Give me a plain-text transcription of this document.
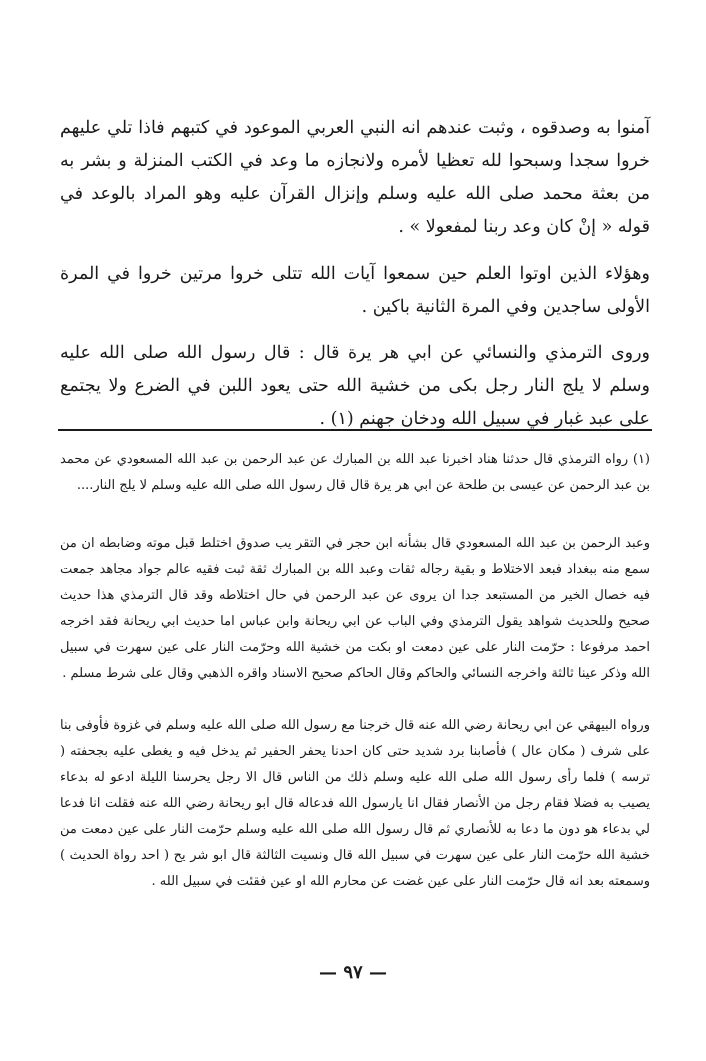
آمنوا به وصدقوه ، وثبت عندهم انه النبي العربي الموعود في كتبهم فاذا تلي عليهم خروا سجدا وسبحوا لله تعظيا لأمره ولانجازه ما وعد في الكتب المنزلة و بشر به من بعثة محمد صلى الله عليه وسلم وإنزال القرآن عليه وهو المراد بالوعد في قوله « إنْ كان وعد ربنا لمفعولا » .

وهؤلاء الذين اوتوا العلم حين سمعوا آيات الله تتلى خروا مرتين خروا في المرة الأولى ساجدين وفي المرة الثانية باكين .

وروى الترمذي والنسائي عن ابي هر يرة قال : قال رسول الله صلى الله عليه وسلم لا يلج النار رجل بكى من خشية الله حتى يعود اللبن في الضرع ولا يجتمع على عبد غبار في سبيل الله ودخان جهنم (١) .

(١) رواه الترمذي قال حدثنا هناد اخبرنا عبد الله بن المبارك عن عبد الرحمن بن عبد الله المسعودي عن محمد بن عبد الرحمن عن عيسى بن طلحة عن ابي هر يرة قال قال رسول الله صلى الله عليه وسلم لا يلج النار....

وعبد الرحمن بن عبد الله المسعودي قال بشأنه ابن حجر في التقر يب صدوق اختلط قبل موته وضابطه ان من سمع منه ببغداد فبعد الاختلاط و بقية رجاله ثقات وعبد الله بن المبارك ثقة ثبت فقيه عالم جواد مجاهد جمعت فيه خصال الخير من المستبعد جدا ان يروى عن عبد الرحمن في حال اختلاطه وقد قال الترمذي هذا حديث صحيح وللحديث شواهد يقول الترمذي وفي الباب عن ابي ريحانة وابن عباس اما حديث ابي ريحانة فقد اخرجه احمد مرفوعا : حرّمت النار على عين دمعت او بكت من خشية الله وحرّمت النار على عين سهرت في سبيل الله وذكر عينا ثالثة واخرجه النسائي والحاكم وقال الحاكم صحيح الاسناد واقره الذهبي وقال على شرط مسلم .

ورواه البيهقي عن ابي ريحانة رضي الله عنه قال خرجنا مع رسول الله صلى الله عليه وسلم في غزوة فأوفى بنا على شرف ( مكان عال ) فأصابنا برد شديد حتى كان احدنا يحفر الحفير ثم يدخل فيه و يغطى عليه بجحفته ( ترسه ) فلما رأى رسول الله صلى الله عليه وسلم ذلك من الناس قال الا رجل يحرسنا الليلة ادعو له بدعاء يصيب به فضلا فقام رجل من الأنصار فقال انا يارسول الله فدعاله قال ابو ريحانة رضي الله عنه فقلت انا فدعا لي بدعاء هو دون ما دعا به للأنصاري ثم قال رسول الله صلى الله عليه وسلم حرّمت النار على عين دمعت من خشية الله حرّمت النار على عين سهرت في سبيل الله قال ونسيت الثالثة قال ابو شر يح ( احد رواة الحديث ) وسمعته بعد انه قال حرّمت النار على عين غضت عن محارم الله او عين فقئت في سبيل الله .

— ٩٧ —
